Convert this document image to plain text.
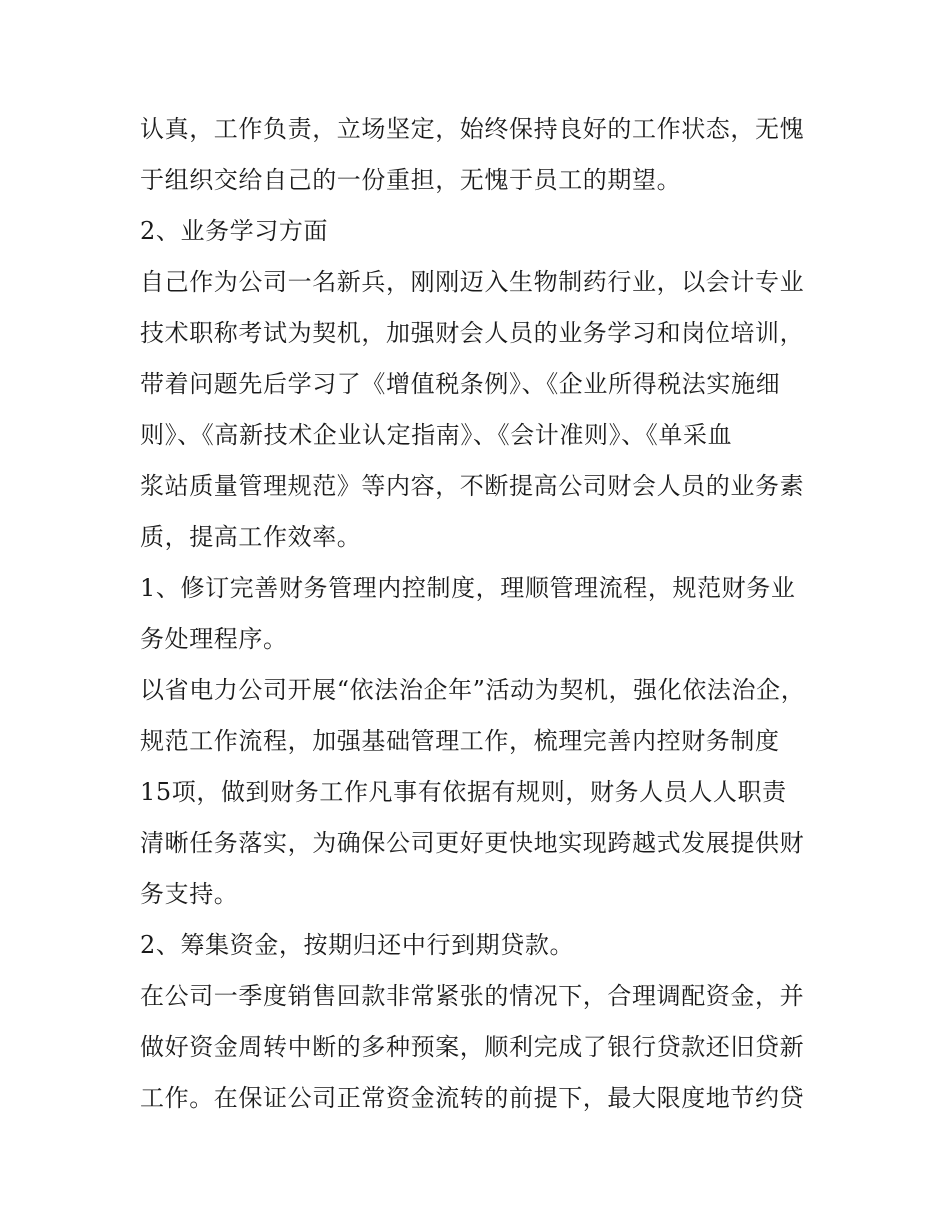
认真，工作负责，立场坚定，始终保持良好的工作状态，无愧
于组织交给自己的一份重担，无愧于员工的期望。
2、业务学习方面
自己作为公司一名新兵，刚刚迈入生物制药行业，以会计专业
技术职称考试为契机，加强财会人员的业务学习和岗位培训，
带着问题先后学习了《增值税条例》、《企业所得税法实施细
则》、《高新技术企业认定指南》、《会计准则》、《单采血
浆站质量管理规范》等内容，不断提高公司财会人员的业务素
质，提高工作效率。
1、修订完善财务管理内控制度，理顺管理流程，规范财务业
务处理程序。
以省电力公司开展“依法治企年”活动为契机，强化依法治企，
规范工作流程，加强基础管理工作，梳理完善内控财务制度
15项，做到财务工作凡事有依据有规则，财务人员人人职责
清晰任务落实，为确保公司更好更快地实现跨越式发展提供财
务支持。
2、筹集资金，按期归还中行到期贷款。
在公司一季度销售回款非常紧张的情况下，合理调配资金，并
做好资金周转中断的多种预案，顺利完成了银行贷款还旧贷新
工作。在保证公司正常资金流转的前提下，最大限度地节约贷
